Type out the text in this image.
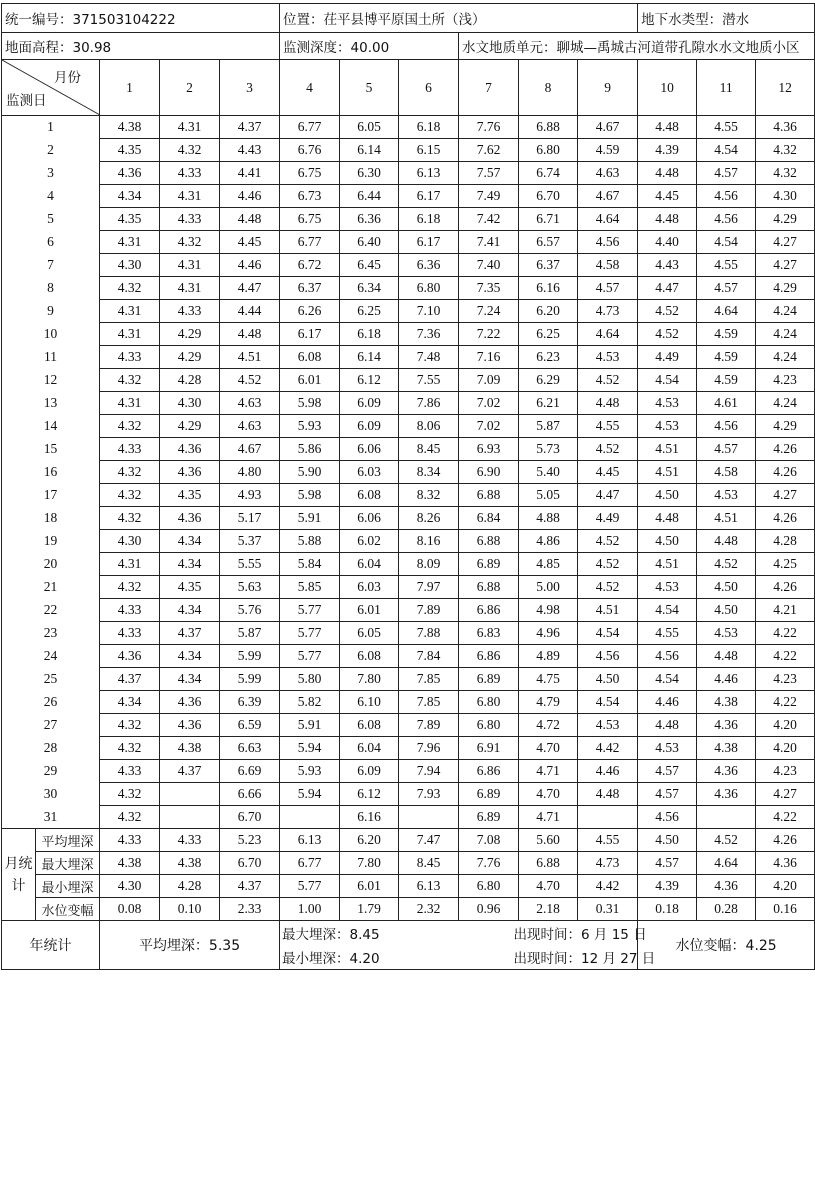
统一编号：371503104222					位置：茌平县博平原国土所（浅）						地下水类型：潜水		
地面高程：30.98					监测深度：40.00			水文地质单元：聊城—禹城古河道带孔隙水水文地质小区					

月份
监测日		1	2	3	4	5	6	7	8	9	10	11	12
1		4.38	4.31	4.37	6.77	6.05	6.18	7.76	6.88	4.67	4.48	4.55	4.36
2		4.35	4.32	4.43	6.76	6.14	6.15	7.62	6.80	4.59	4.39	4.54	4.32
3		4.36	4.33	4.41	6.75	6.30	6.13	7.57	6.74	4.63	4.48	4.57	4.32
4		4.34	4.31	4.46	6.73	6.44	6.17	7.49	6.70	4.67	4.45	4.56	4.30
5		4.35	4.33	4.48	6.75	6.36	6.18	7.42	6.71	4.64	4.48	4.56	4.29
6		4.31	4.32	4.45	6.77	6.40	6.17	7.41	6.57	4.56	4.40	4.54	4.27
7		4.30	4.31	4.46	6.72	6.45	6.36	7.40	6.37	4.58	4.43	4.55	4.27
8		4.32	4.31	4.47	6.37	6.34	6.80	7.35	6.16	4.57	4.47	4.57	4.29
9		4.31	4.33	4.44	6.26	6.25	7.10	7.24	6.20	4.73	4.52	4.64	4.24
10		4.31	4.29	4.48	6.17	6.18	7.36	7.22	6.25	4.64	4.52	4.59	4.24
11		4.33	4.29	4.51	6.08	6.14	7.48	7.16	6.23	4.53	4.49	4.59	4.24
12		4.32	4.28	4.52	6.01	6.12	7.55	7.09	6.29	4.52	4.54	4.59	4.23
13		4.31	4.30	4.63	5.98	6.09	7.86	7.02	6.21	4.48	4.53	4.61	4.24
14		4.32	4.29	4.63	5.93	6.09	8.06	7.02	5.87	4.55	4.53	4.56	4.29
15		4.33	4.36	4.67	5.86	6.06	8.45	6.93	5.73	4.52	4.51	4.57	4.26
16		4.32	4.36	4.80	5.90	6.03	8.34	6.90	5.40	4.45	4.51	4.58	4.26
17		4.32	4.35	4.93	5.98	6.08	8.32	6.88	5.05	4.47	4.50	4.53	4.27
18		4.32	4.36	5.17	5.91	6.06	8.26	6.84	4.88	4.49	4.48	4.51	4.26
19		4.30	4.34	5.37	5.88	6.02	8.16	6.88	4.86	4.52	4.50	4.48	4.28
20		4.31	4.34	5.55	5.84	6.04	8.09	6.89	4.85	4.52	4.51	4.52	4.25
21		4.32	4.35	5.63	5.85	6.03	7.97	6.88	5.00	4.52	4.53	4.50	4.26
22		4.33	4.34	5.76	5.77	6.01	7.89	6.86	4.98	4.51	4.54	4.50	4.21
23		4.33	4.37	5.87	5.77	6.05	7.88	6.83	4.96	4.54	4.55	4.53	4.22
24		4.36	4.34	5.99	5.77	6.08	7.84	6.86	4.89	4.56	4.56	4.48	4.22
25		4.37	4.34	5.99	5.80	7.80	7.85	6.89	4.75	4.50	4.54	4.46	4.23
26		4.34	4.36	6.39	5.82	6.10	7.85	6.80	4.79	4.54	4.46	4.38	4.22
27		4.32	4.36	6.59	5.91	6.08	7.89	6.80	4.72	4.53	4.48	4.36	4.20
28		4.32	4.38	6.63	5.94	6.04	7.96	6.91	4.70	4.42	4.53	4.38	4.20
29		4.33	4.37	6.69	5.93	6.09	7.94	6.86	4.71	4.46	4.57	4.36	4.23
30		4.32		6.66	5.94	6.12	7.93	6.89	4.70	4.48	4.57	4.36	4.27
31		4.32		6.70		6.16		6.89	4.71		4.56		4.22
月统计	平均埋深	4.33	4.33	5.23	6.13	6.20	7.47	7.08	5.60	4.55	4.50	4.52	4.26
	最大埋深	4.38	4.38	6.70	6.77	7.80	8.45	7.76	6.88	4.73	4.57	4.64	4.36
	最小埋深	4.30	4.28	4.37	5.77	6.01	6.13	6.80	4.70	4.42	4.39	4.36	4.20
	水位变幅	0.08	0.10	2.33	1.00	1.79	2.32	0.96	2.18	0.31	0.18	0.28	0.16
年统计		平均埋深：5.35			最大埋深：8.45			出现时间：6 月 15 日			水位变幅：4.25		
					最小埋深：4.20			出现时间：12 月 27 日					
